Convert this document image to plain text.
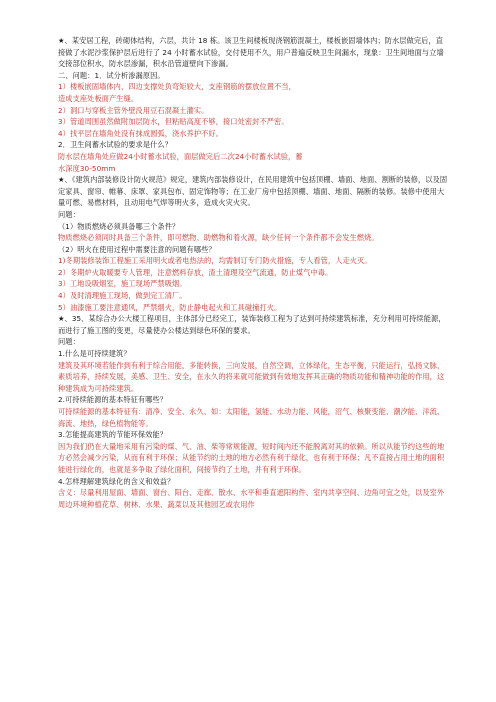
★、某安居工程，砖砌体结构，六层，共计 18 栋。该卫生间楼板现浇钢筋混凝土，楼板嵌固墙体内；防水层做完后，直接做了水泥沙浆保护层后进行了 24 小时蓄水试验，交付使用不久，用户普遍反映卫生间漏水，现象：卫生间地面与立墙交接部位积水，防水层渗漏，积水沿管道壁向下渗漏。

二、问题：1．试分析渗漏原因。

1）楼板嵌固墙体内，四边支撑处负弯矩较大，支座钢筋的摆放位置不当，

造成支座处板面产生缝。

2）洞口与穿板主管外壁没用豆石混凝土灌实。

3）管道周围虽然做附加层防水，但粘贴高度不够，接口处密封不严密。

4）找平层在墙角处没有抹成圆弧，浇水养护不好。

2．卫生间蓄水试验的要求是什么？

防水层在墙角处应做24小时蓄水试验，面层做完后二次24小时蓄水试验，蓄

水深度30-50mm

★、《建筑内部装修设计防火规范》规定，建筑内部装修设计，在民用建筑中包括顶棚、墙面、地面、割断的装修，以及固定家具、窗帘、帷幕、床罩、家具包布、固定饰物等；在工业厂房中包括顶棚、墙面、地面、隔断的装修。装修中使用大量可燃、易燃材料，且动用电气焊等明火多，造成火灾火灾。

问题：

（1）物质燃烧必须具备哪三个条件？

物质燃烧必须同时具备三个条件，即可燃物、助燃物和着火源，缺少任何一个条件都不会发生燃烧。

（2）明火在使用过程中需要注意的问题有哪些？

1)冬期装修装饰工程施工采用明火或者电热法的，均需制订专门防火措施，专人看管，人走火灭。

2）冬期炉火取暖要专人管理，注意燃料存放，渣土清理及空气流通，防止煤气中毒。

3）工地设吸烟室，施工现场严禁吸烟。

4）及时清理施工现场，做到完工清厂。

5）油漆施工要注意通风，严禁烟火，防止静电起火和工具碰撞打火。

★、35、某综合办公大楼工程项目，主体部分已经完工，装饰装修工程为了达到可持续建筑标准，充分利用可持续能源，而进行了施工图的变更，尽量使办公楼达到绿色环保的要求。

问题：

1.什么是可持续建筑？

建筑及其环境若能作到有利于综合用能，多能转换，三向发展，自然空调，立体绿化，生态平衡，只能运行，弘扬文脉，素质培养，持续发展，美感、卫生、安全，在永久的将来就可能做到有效地发挥其正确的物质功能和精神功能的作用，这种建筑成为可持续建筑。

2.可持续能源的基本特征有哪些？

可持续能源的基本特征有：清净、安全、永久、如：太阳能，氢能、水动力能、风能，沼气、核聚变能、潮汐能、洋流、海流、地热，绿色植物能等。

3.怎能提高建筑的节能环保效能？

因为我们仍在大量地采用有污染的煤、气、油、柴等常规能源，短时间内还不能脱离对其的依赖。所以从能节约这些的地方必然会减少污染，从而有利于环保；从能节约的土地的地方必然有利于绿化，也有利于环保；凡不直接占用土地的面积能进行绿化的，也就是多争取了绿化面积，间接节约了土地，并有利于环保。

4.怎样理解建筑绿化的含义和效益？

含义：尽量利用屋面、墙面、窗台、阳台、走廊、散水、水平和垂直遮阳构件、室内共享空间、边角可宜之处，以及室外周边环境种植花草、树林、水果、蔬菜以及其他园艺或农用作
